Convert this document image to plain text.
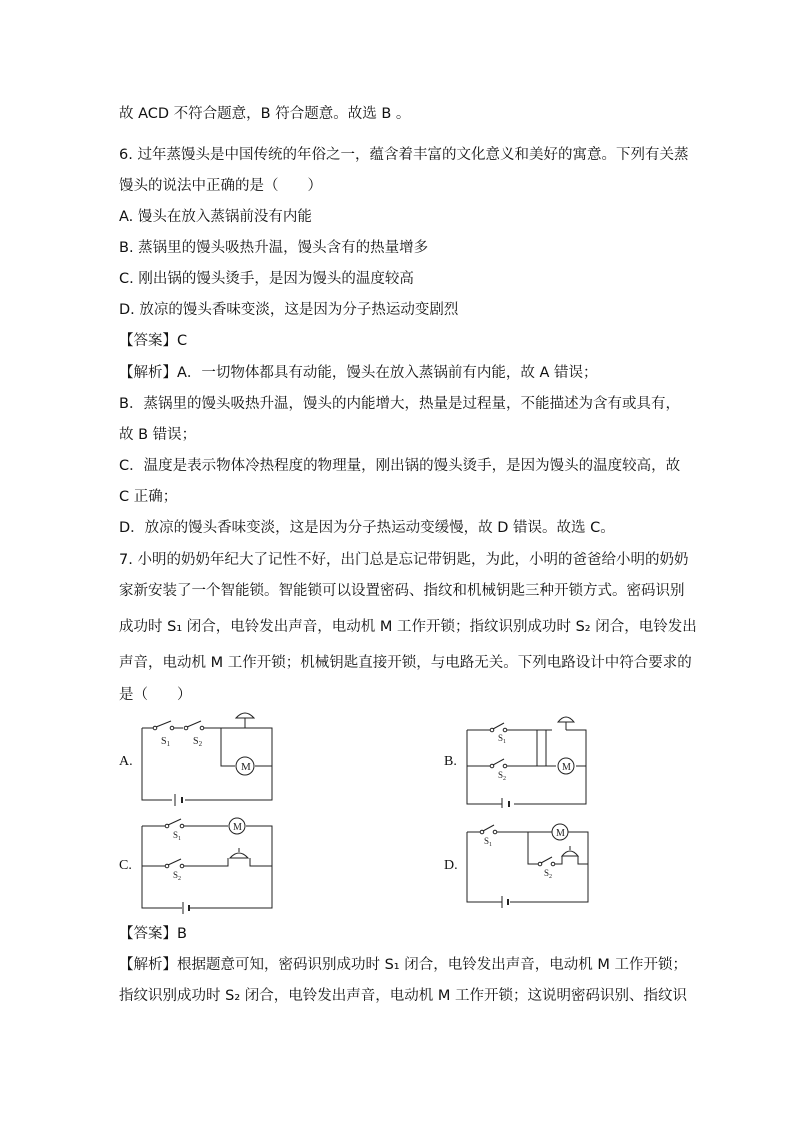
故 ACD 不符合题意，B 符合题意。故选 B 。
6. 过年蒸馒头是中国传统的年俗之一，蕴含着丰富的文化意义和美好的寓意。下列有关蒸
馒头的说法中正确的是（　　）
A. 馒头在放入蒸锅前没有内能
B. 蒸锅里的馒头吸热升温，馒头含有的热量增多
C. 刚出锅的馒头烫手，是因为馒头的温度较高
D. 放凉的馒头香味变淡，这是因为分子热运动变剧烈
【答案】C
【解析】A．一切物体都具有动能，馒头在放入蒸锅前有内能，故 A 错误；
B．蒸锅里的馒头吸热升温，馒头的内能增大，热量是过程量，不能描述为含有或具有，
故 B 错误；
C．温度是表示物体冷热程度的物理量，刚出锅的馒头烫手，是因为馒头的温度较高，故
C 正确；
D．放凉的馒头香味变淡，这是因为分子热运动变缓慢，故 D 错误。故选 C。
7. 小明的奶奶年纪大了记性不好，出门总是忘记带钥匙，为此，小明的爸爸给小明的奶奶
家新安装了一个智能锁。智能锁可以设置密码、指纹和机械钥匙三种开锁方式。密码识别
成功时 S₁ 闭合，电铃发出声音，电动机 M 工作开锁；指纹识别成功时 S₂ 闭合，电铃发出
声音，电动机 M 工作开锁；机械钥匙直接开锁，与电路无关。下列电路设计中符合要求的
是（　　）
【答案】B
【解析】根据题意可知，密码识别成功时 S₁ 闭合，电铃发出声音，电动机 M 工作开锁；
指纹识别成功时 S₂ 闭合，电铃发出声音，电动机 M 工作开锁；这说明密码识别、指纹识
A.	B.
C.	D.
M
$S_1$ $S_2$
M
$S_1$
$S_2$
M
$S_1$
$S_2$
M
$S_1$
$S_2$
